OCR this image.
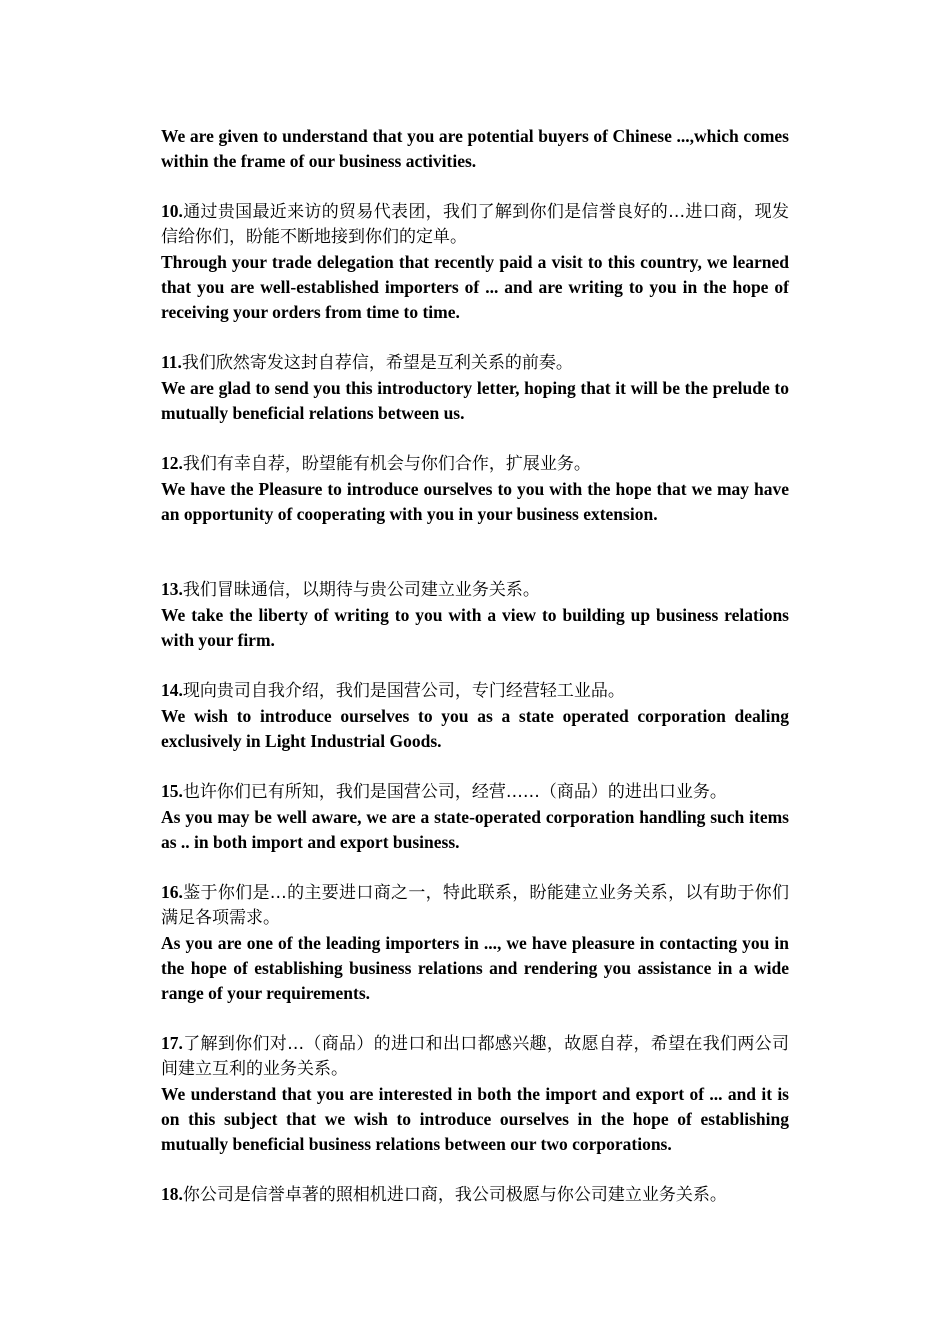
We are given to understand that you are potential buyers of Chinese ...,which comes within the frame of our business activities.

10.通过贵国最近来访的贸易代表团，我们了解到你们是信誉良好的…进口商，现发信给你们，盼能不断地接到你们的定单。

Through your trade delegation that recently paid a visit to this country, we learned that you are well-established importers of ... and are writing to you in the hope of receiving your orders from time to time.

11.我们欣然寄发这封自荐信，希望是互利关系的前奏。

We are glad to send you this introductory letter, hoping that it will be the prelude to mutually beneficial relations between us.

12.我们有幸自荐，盼望能有机会与你们合作，扩展业务。

We have the Pleasure to introduce ourselves to you with the hope that we may have an opportunity of cooperating with you in your business extension.

13.我们冒昧通信，以期待与贵公司建立业务关系。

We take the liberty of writing to you with a view to building up business relations with your firm.

14.现向贵司自我介绍，我们是国营公司，专门经营轻工业品。

We wish to introduce ourselves to you as a state operated corporation dealing exclusively in Light Industrial Goods.

15.也许你们已有所知，我们是国营公司，经营……（商品）的进出口业务。

As you may be well aware, we are a state-operated corporation handling such items as .. in both import and export business.

16.鉴于你们是…的主要进口商之一，特此联系，盼能建立业务关系，以有助于你们满足各项需求。

As you are one of the leading importers in ..., we have pleasure in contacting you in the hope of establishing business relations and rendering you assistance in a wide range of your requirements.

17.了解到你们对…（商品）的进口和出口都感兴趣，故愿自荐，希望在我们两公司间建立互利的业务关系。

We understand that you are interested in both the import and export of ... and it is on this subject that we wish to introduce ourselves in the hope of establishing mutually beneficial business relations between our two corporations.

18.你公司是信誉卓著的照相机进口商，我公司极愿与你公司建立业务关系。
